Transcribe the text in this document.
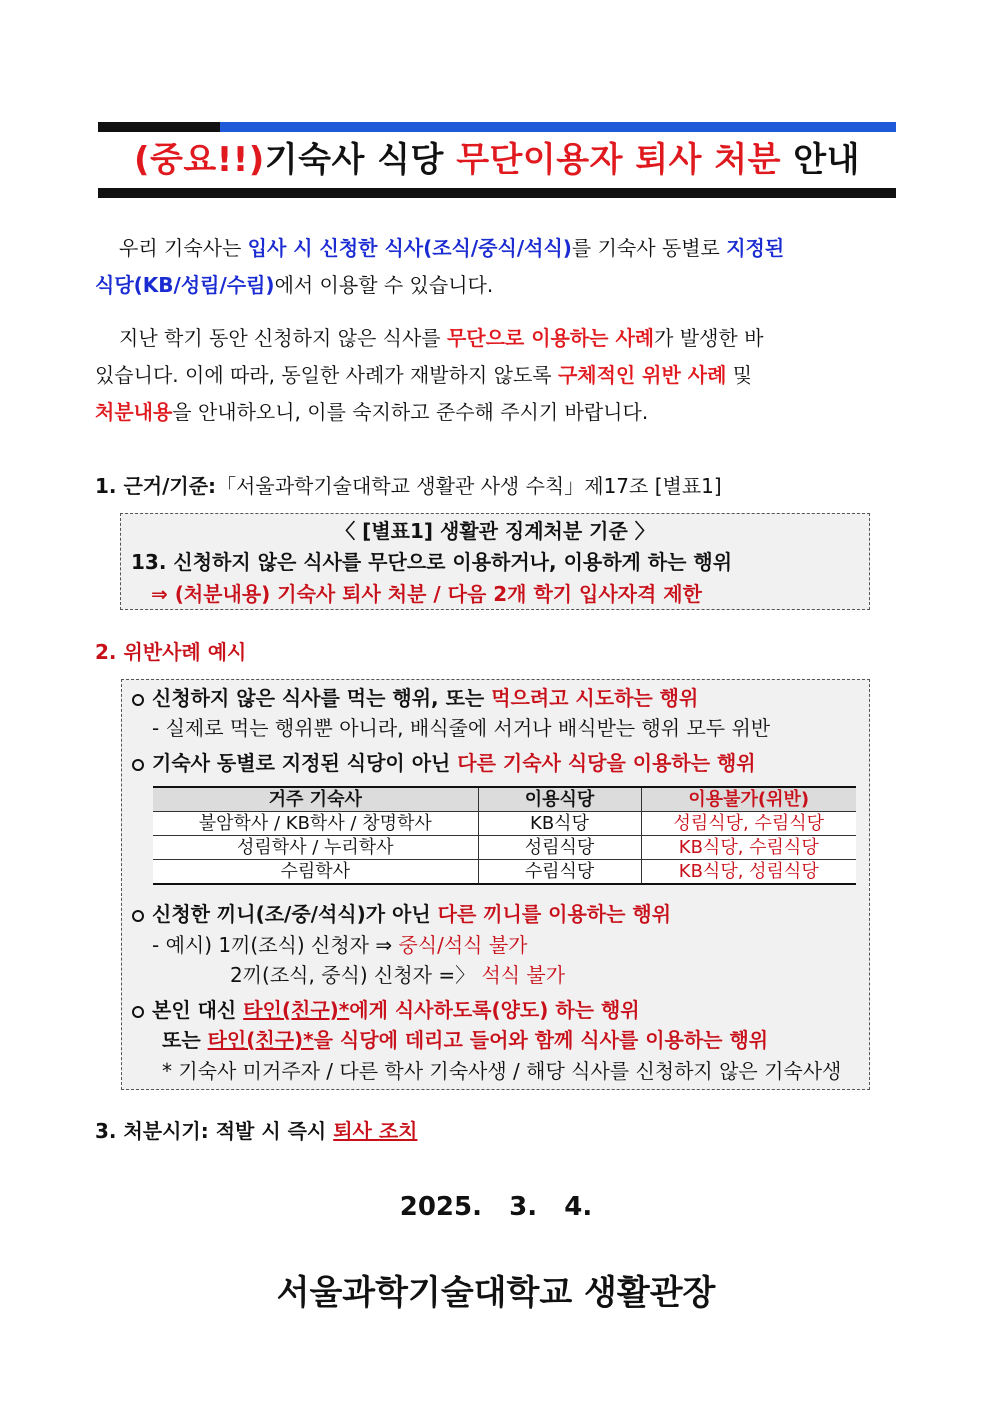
(중요!!)기숙사 식당 무단이용자 퇴사 처분 안내
우리 기숙사는 입사 시 신청한 식사(조식/중식/석식)를 기숙사 동별로 지정된
식당(KB/성림/수림)에서 이용할 수 있습니다.
지난 학기 동안 신청하지 않은 식사를 무단으로 이용하는 사례가 발생한 바
있습니다. 이에 따라, 동일한 사례가 재발하지 않도록 구체적인 위반 사례 및
처분내용을 안내하오니, 이를 숙지하고 준수해 주시기 바랍니다.
1. 근거/기준:「서울과학기술대학교 생활관 사생 수칙」제17조 [별표1]
〈 [별표1] 생활관 징계처분 기준 〉
13. 신청하지 않은 식사를 무단으로 이용하거나, 이용하게 하는 행위
⇒ (처분내용) 기숙사 퇴사 처분 / 다음 2개 학기 입사자격 제한
2. 위반사례 예시
신청하지 않은 식사를 먹는 행위, 또는 먹으려고 시도하는 행위
- 실제로 먹는 행위뿐 아니라, 배식줄에 서거나 배식받는 행위 모두 위반
기숙사 동별로 지정된 식당이 아닌 다른 기숙사 식당을 이용하는 행위
신청한 끼니(조/중/석식)가 아닌 다른 끼니를 이용하는 행위
- 예시) 1끼(조식) 신청자 ⇒ 중식/석식 불가
2끼(조식, 중식) 신청자 =〉 석식 불가
본인 대신 타인(친구)*에게 식사하도록(양도) 하는 행위
또는 타인(친구)*을 식당에 데리고 들어와 함께 식사를 이용하는 행위
* 기숙사 미거주자 / 다른 학사 기숙사생 / 해당 식사를 신청하지 않은 기숙사생
거주 기숙사	이용식당	이용불가(위반)
불암학사 / KB학사 / 창명학사	KB식당	성림식당, 수림식당
성림학사 / 누리학사	성림식당	KB식당, 수림식당
수림학사	수림식당	KB식당, 성림식당
3. 처분시기: 적발 시 즉시 퇴사 조치
2025.   3.   4.
서울과학기술대학교 생활관장
